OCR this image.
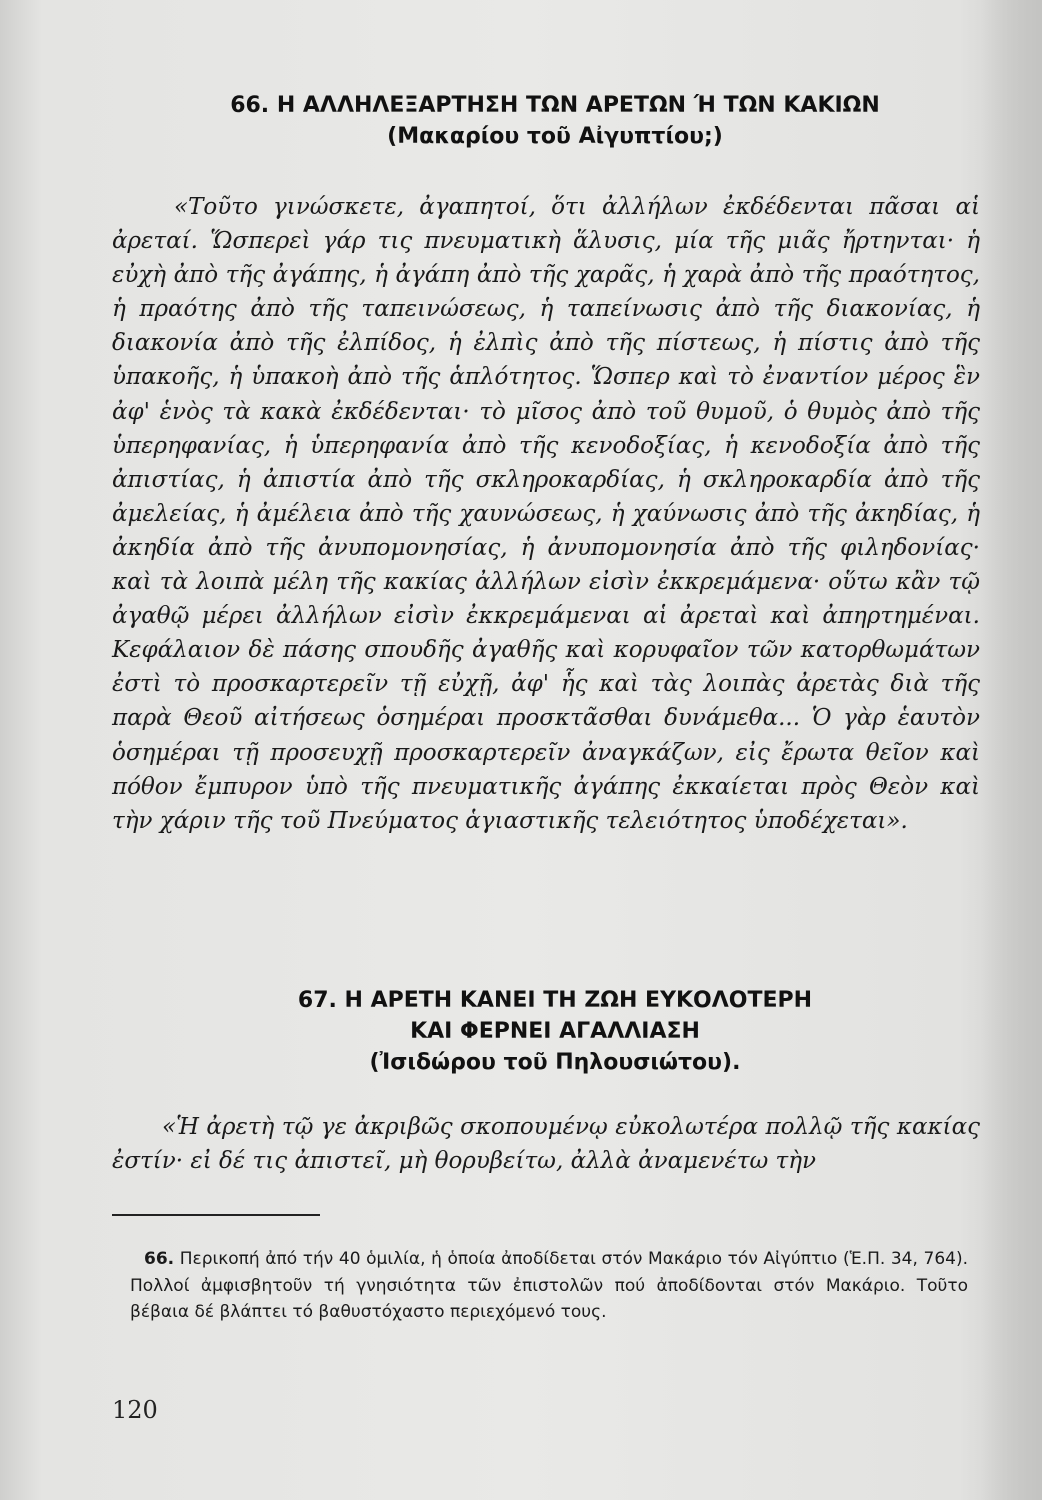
66. Η ΑΛΛΗΛΕΞΑΡΤΗΣΗ ΤΩΝ ΑΡΕΤΩΝ Ή ΤΩΝ ΚΑΚΙΩΝ
(Μακαρίου τοῦ Αἰγυπτίου;)
«Τοῦτο γινώσκετε, ἀγαπητοί, ὅτι ἀλλήλων ἐκδέδενται πᾶσαι αἱ ἀρεταί. Ὥσπερεὶ γάρ τις πνευματικὴ ἅλυσις, μία τῆς μιᾶς ἤρτηνται· ἡ εὐχὴ ἀπὸ τῆς ἀγάπης, ἡ ἀγάπη ἀπὸ τῆς χαρᾶς, ἡ χαρὰ ἀπὸ τῆς πραότητος, ἡ πραότης ἀπὸ τῆς ταπεινώσεως, ἡ ταπείνωσις ἀπὸ τῆς διακονίας, ἡ διακονία ἀπὸ τῆς ἐλπίδος, ἡ ἐλπὶς ἀπὸ τῆς πίστεως, ἡ πίστις ἀπὸ τῆς ὑπακοῆς, ἡ ὑπακοὴ ἀπὸ τῆς ἁπλότητος. Ὥσπερ καὶ τὸ ἐναντίον μέρος ἓν ἀφ' ἑνὸς τὰ κακὰ ἐκδέδενται· τὸ μῖσος ἀπὸ τοῦ θυμοῦ, ὁ θυμὸς ἀπὸ τῆς ὑπερηφανίας, ἡ ὑπερηφανία ἀπὸ τῆς κενοδοξίας, ἡ κενοδοξία ἀπὸ τῆς ἀπιστίας, ἡ ἀπιστία ἀπὸ τῆς σκληροκαρδίας, ἡ σκληροκαρδία ἀπὸ τῆς ἀμελείας, ἡ ἀμέλεια ἀπὸ τῆς χαυνώσεως, ἡ χαύνωσις ἀπὸ τῆς ἀκηδίας, ἡ ἀκηδία ἀπὸ τῆς ἀνυπομονησίας, ἡ ἀνυπομονησία ἀπὸ τῆς φιληδονίας· καὶ τὰ λοιπὰ μέλη τῆς κακίας ἀλλήλων εἰσὶν ἐκκρεμάμενα· οὕτω κἂν τῷ ἀγαθῷ μέρει ἀλλήλων εἰσὶν ἐκκρεμάμεναι αἱ ἀρεταὶ καὶ ἀπηρτημέναι. Κεφάλαιον δὲ πάσης σπουδῆς ἀγαθῆς καὶ κορυφαῖον τῶν κατορθωμάτων ἐστὶ τὸ προσκαρτερεῖν τῇ εὐχῇ, ἀφ' ἧς καὶ τὰς λοιπὰς ἀρετὰς διὰ τῆς παρὰ Θεοῦ αἰτήσεως ὁσημέραι προσκτᾶσθαι δυνάμεθα... Ὁ γὰρ ἑαυτὸν ὁσημέραι τῇ προσευχῇ προσκαρτερεῖν ἀναγκάζων, εἰς ἔρωτα θεῖον καὶ πόθον ἔμπυρον ὑπὸ τῆς πνευματικῆς ἀγάπης ἐκκαίεται πρὸς Θεὸν καὶ τὴν χάριν τῆς τοῦ Πνεύματος ἁγιαστικῆς τελειότητος ὑποδέχεται».
67. Η ΑΡΕΤΗ ΚΑΝΕΙ ΤΗ ΖΩΗ ΕΥΚΟΛΟΤΕΡΗ
ΚΑΙ ΦΕΡΝΕΙ ΑΓΑΛΛΙΑΣΗ
(Ἰσιδώρου τοῦ Πηλουσιώτου).
«Ἡ ἀρετὴ τῷ γε ἀκριβῶς σκοπουμένῳ εὐκολωτέρα πολλῷ τῆς κακίας ἐστίν· εἰ δέ τις ἀπιστεῖ, μὴ θορυβείτω, ἀλλὰ ἀναμενέτω τὴν
66. Περικοπή ἀπό τήν 40 ὁμιλία, ἡ ὁποία ἀποδίδεται στόν Μακάριο τόν Αἰγύπτιο (Ἑ.Π. 34, 764). Πολλοί ἀμφισβητοῦν τή γνησιότητα τῶν ἐπιστολῶν πού ἀποδίδονται στόν Μακάριο. Τοῦτο βέβαια δέ βλάπτει τό βαθυστόχαστο περιεχόμενό τους.
120
